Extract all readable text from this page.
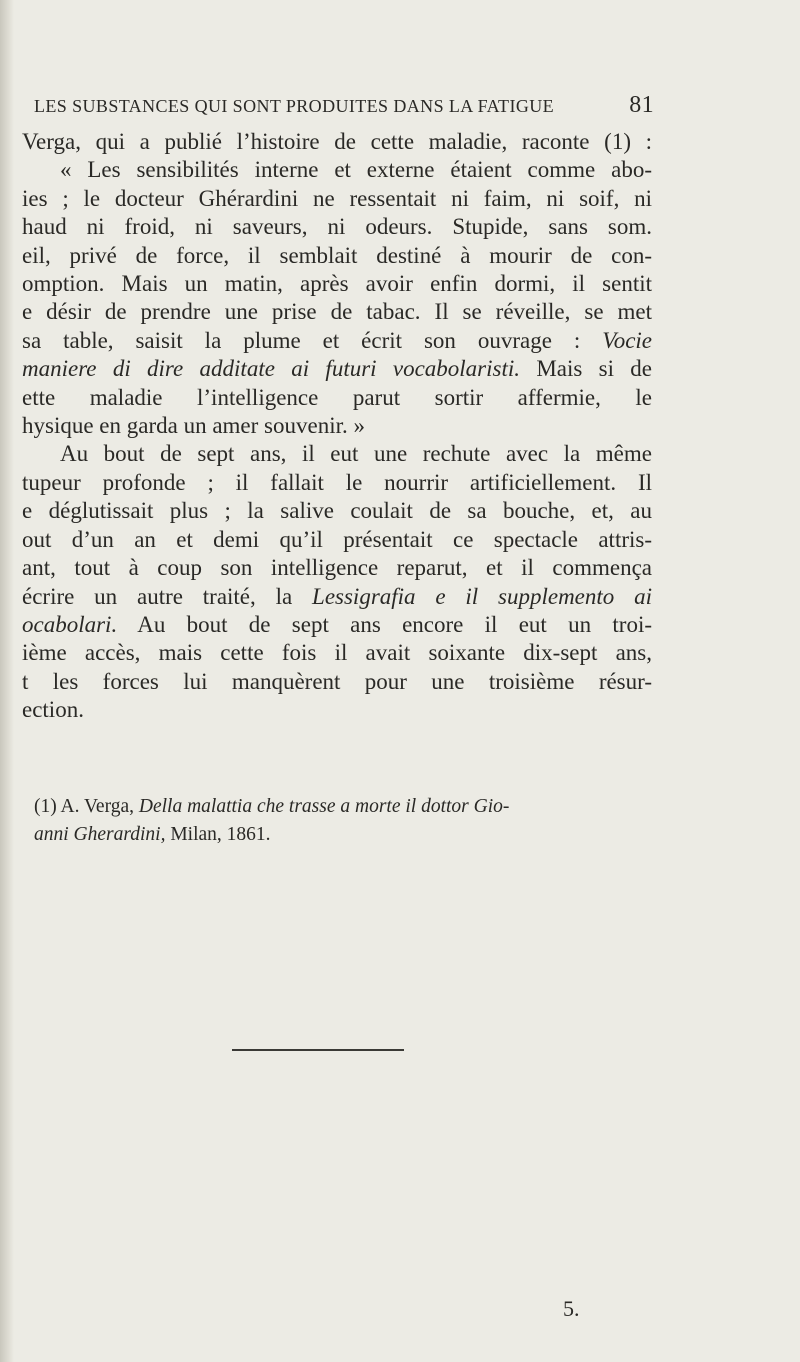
LES SUBSTANCES QUI SONT PRODUITES DANS LA FATIGUE	81
Verga, qui a publié l’histoire de cette maladie, raconte (1) :
« Les sensibilités interne et externe étaient comme abo-
ies ; le docteur Ghérardini ne ressentait ni faim, ni soif, ni
haud ni froid, ni saveurs, ni odeurs. Stupide, sans som.
eil, privé de force, il semblait destiné à mourir de con-
omption. Mais un matin, après avoir enfin dormi, il sentit
e désir de prendre une prise de tabac. Il se réveille, se met
sa table, saisit la plume et écrit son ouvrage : Vocie
maniere di dire additate ai futuri vocabolaristi. Mais si de
ette maladie l’intelligence parut sortir affermie, le
hysique en garda un amer souvenir. »
Au bout de sept ans, il eut une rechute avec la même
tupeur profonde ; il fallait le nourrir artificiellement. Il
e déglutissait plus ; la salive coulait de sa bouche, et, au
out d’un an et demi qu’il présentait ce spectacle attris-
ant, tout à coup son intelligence reparut, et il commença
écrire un autre traité, la Lessigrafia e il supplemento ai
ocabolari. Au bout de sept ans encore il eut un troi-
ième accès, mais cette fois il avait soixante dix-sept ans,
t les forces lui manquèrent pour une troisième résur-
ection.
(1) A. Verga, Della malattia che trasse a morte il dottor Gio-
anni Gherardini, Milan, 1861.
5.
